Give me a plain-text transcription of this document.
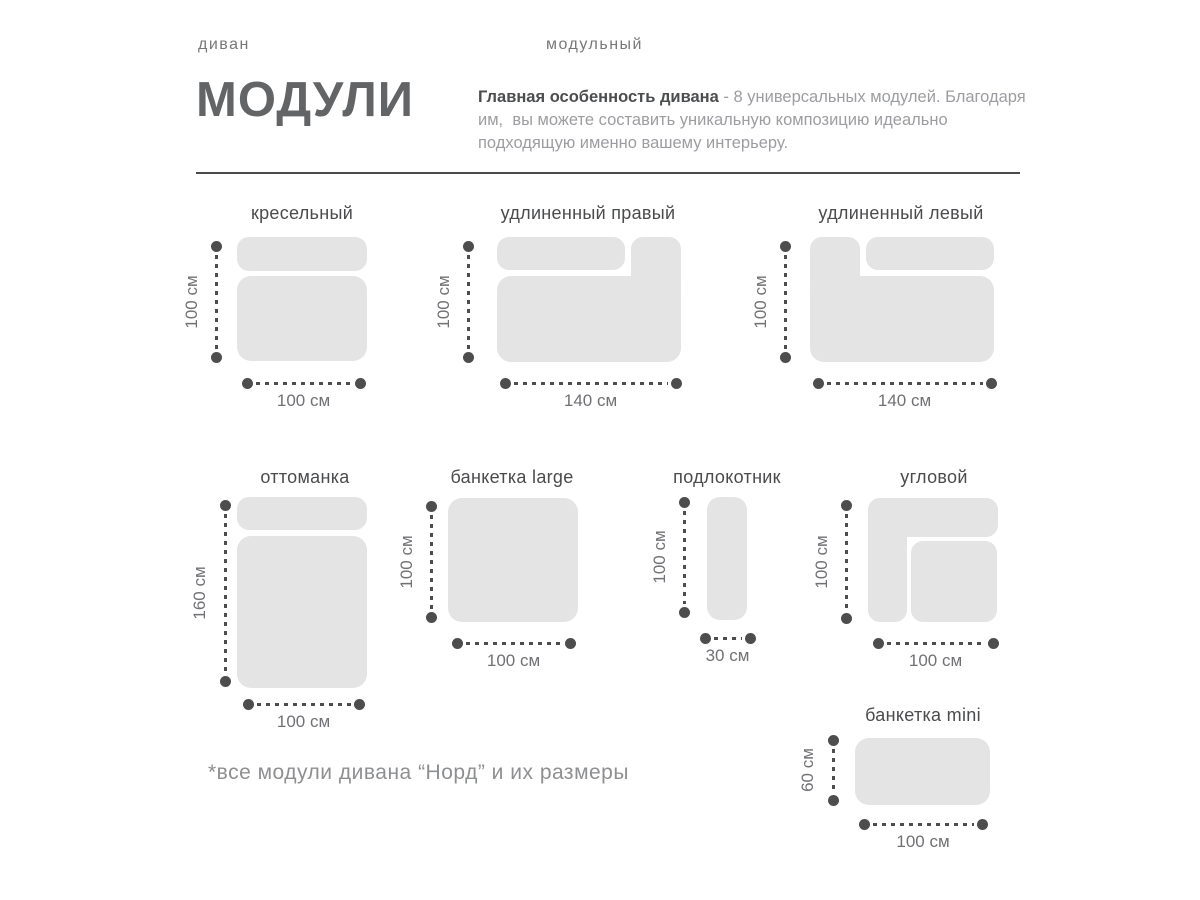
диван	модульный
МОДУЛИ	Главная особенность дивана - 8 универсальных модулей. Благодаря
им,  вы можете составить уникальную композицию идеально
подходящую именно вашему интерьеру.
кресельный
100 см
100 см
удлиненный правый
100 см
140 см
удлиненный левый
100 см
140 см
оттоманка
160 см
100 см
банкетка large
100 см
100 см
подлокотник
100 см
30 см
угловой
100 см
100 см
банкетка mini
60 см
100 см
*все модули дивана “Норд” и их размеры
